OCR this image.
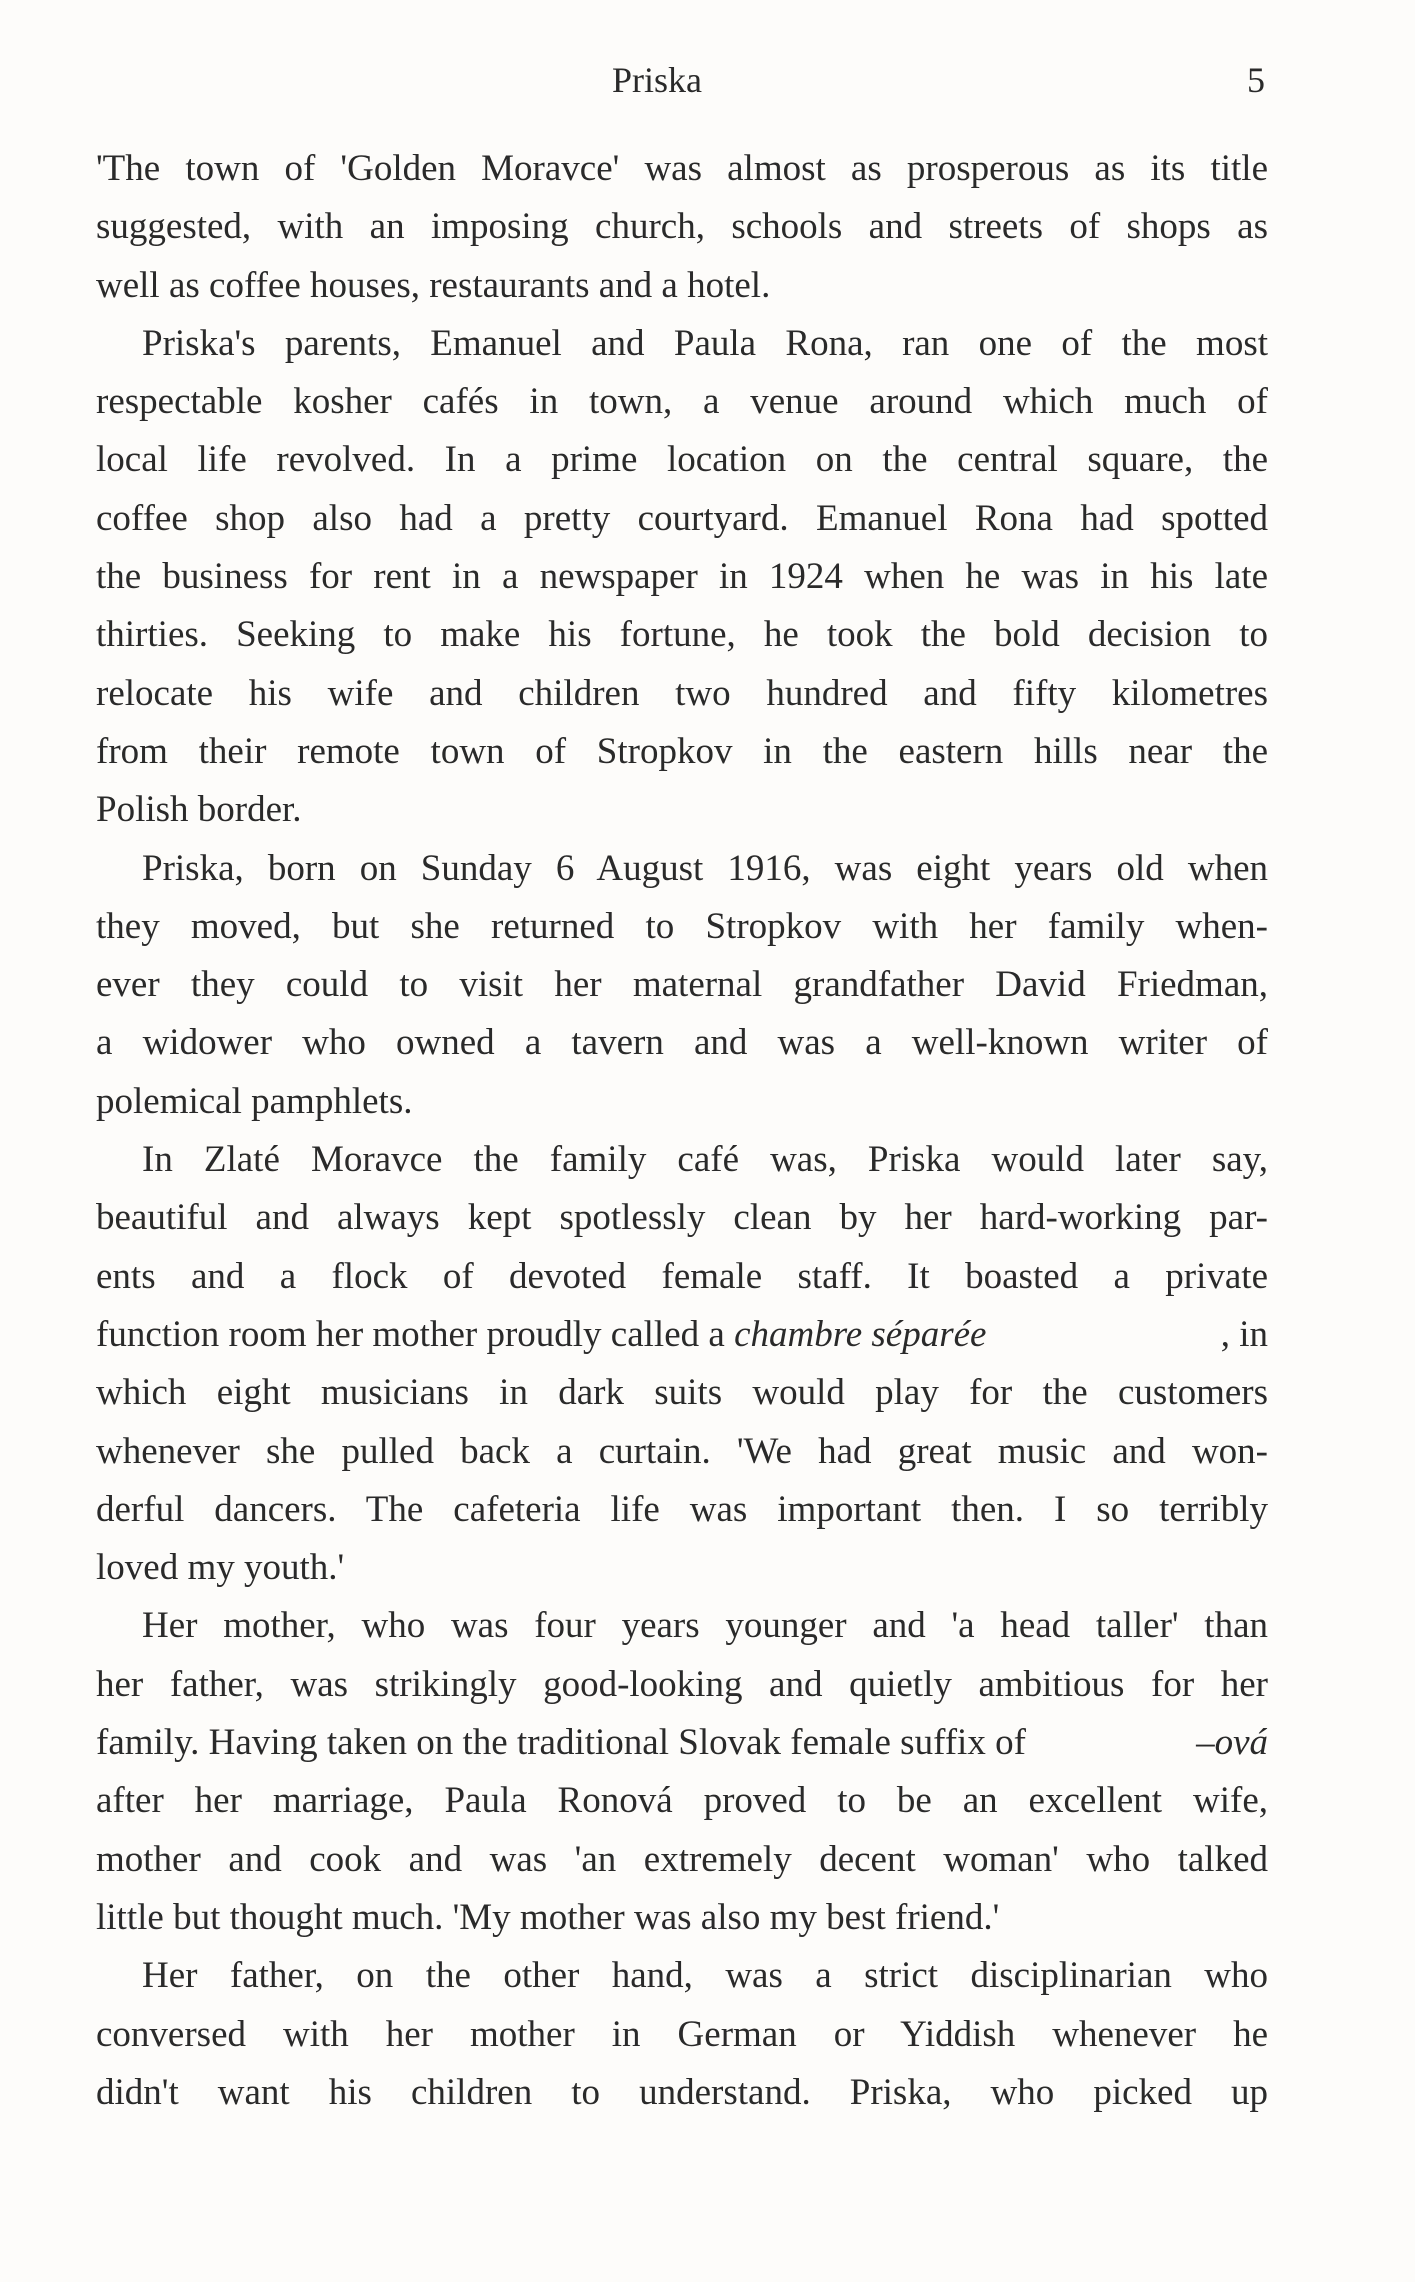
Priska	5
'The town of 'Golden Moravce' was almost as prosperous as its title
suggested, with an imposing church, schools and streets of shops as
well as coffee houses, restaurants and a hotel.
Priska's parents, Emanuel and Paula Rona, ran one of the most
respectable kosher cafés in town, a venue around which much of
local life revolved. In a prime location on the central square, the
coffee shop also had a pretty courtyard. Emanuel Rona had spotted
the business for rent in a newspaper in 1924 when he was in his late
thirties. Seeking to make his fortune, he took the bold decision to
relocate his wife and children two hundred and fifty kilometres
from their remote town of Stropkov in the eastern hills near the
Polish border.
Priska, born on Sunday 6 August 1916, was eight years old when
they moved, but she returned to Stropkov with her family when-
ever they could to visit her maternal grandfather David Friedman,
a widower who owned a tavern and was a well-known writer of
polemical pamphlets.
In Zlaté Moravce the family café was, Priska would later say,
beautiful and always kept spotlessly clean by her hard-working par-
ents and a flock of devoted female staff. It boasted a private
function room her mother proudly called a chambre séparée	, in
which eight musicians in dark suits would play for the customers
whenever she pulled back a curtain. 'We had great music and won-
derful dancers. The cafeteria life was important then. I so terribly
loved my youth.'
Her mother, who was four years younger and 'a head taller' than
her father, was strikingly good-looking and quietly ambitious for her
family. Having taken on the traditional Slovak female suffix of	–ová
after her marriage, Paula Ronová proved to be an excellent wife,
mother and cook and was 'an extremely decent woman' who talked
little but thought much. 'My mother was also my best friend.'
Her father, on the other hand, was a strict disciplinarian who
conversed with her mother in German or Yiddish whenever he
didn't want his children to understand. Priska, who picked up
